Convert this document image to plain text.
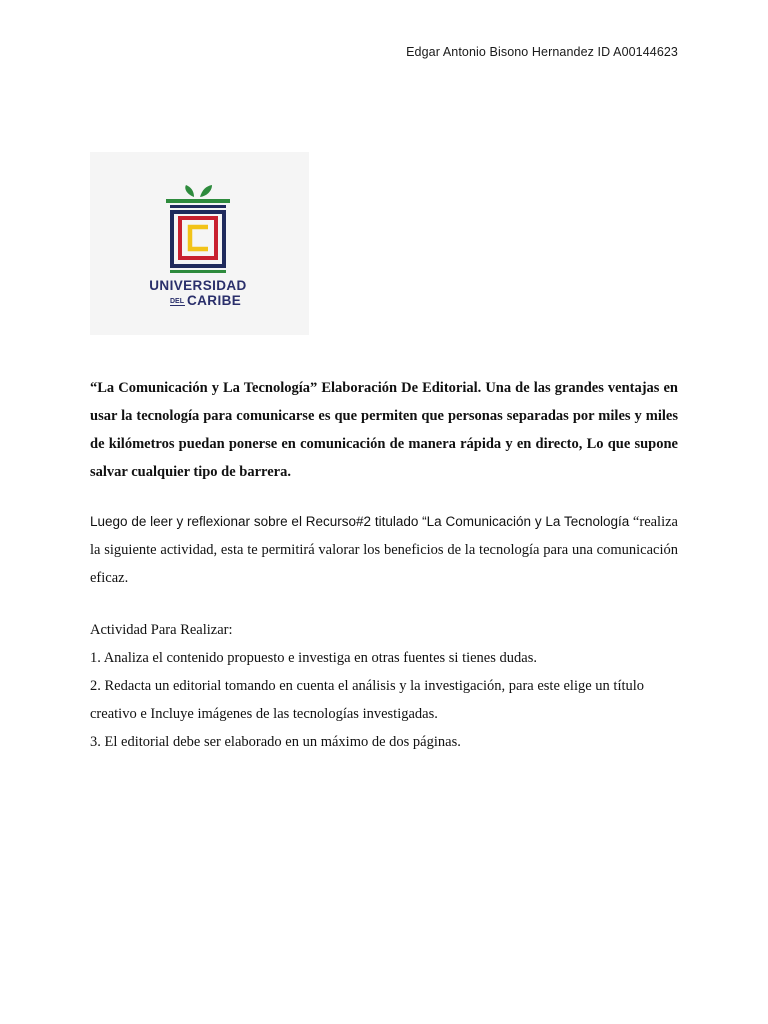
Edgar Antonio Bisono Hernandez ID A00144623
UNIVERSIDAD
DEL CARIBE

“La Comunicación y La Tecnología” Elaboración De Editorial. Una de las grandes ventajas en usar la tecnología para comunicarse es que permiten que personas separadas por miles y miles de kilómetros puedan ponerse en comunicación de manera rápida y en directo, Lo que supone salvar cualquier tipo de barrera.

Luego de leer y reflexionar sobre el Recurso#2 titulado “La Comunicación y La Tecnología “realiza la siguiente actividad, esta te permitirá valorar los beneficios de la tecnología para una comunicación eficaz.

Actividad Para Realizar:
1. Analiza el contenido propuesto e investiga en otras fuentes si tienes dudas.
2. Redacta un editorial tomando en cuenta el análisis y la investigación, para este elige un título
creativo e Incluye imágenes de las tecnologías investigadas.
3. El editorial debe ser elaborado en un máximo de dos páginas.
